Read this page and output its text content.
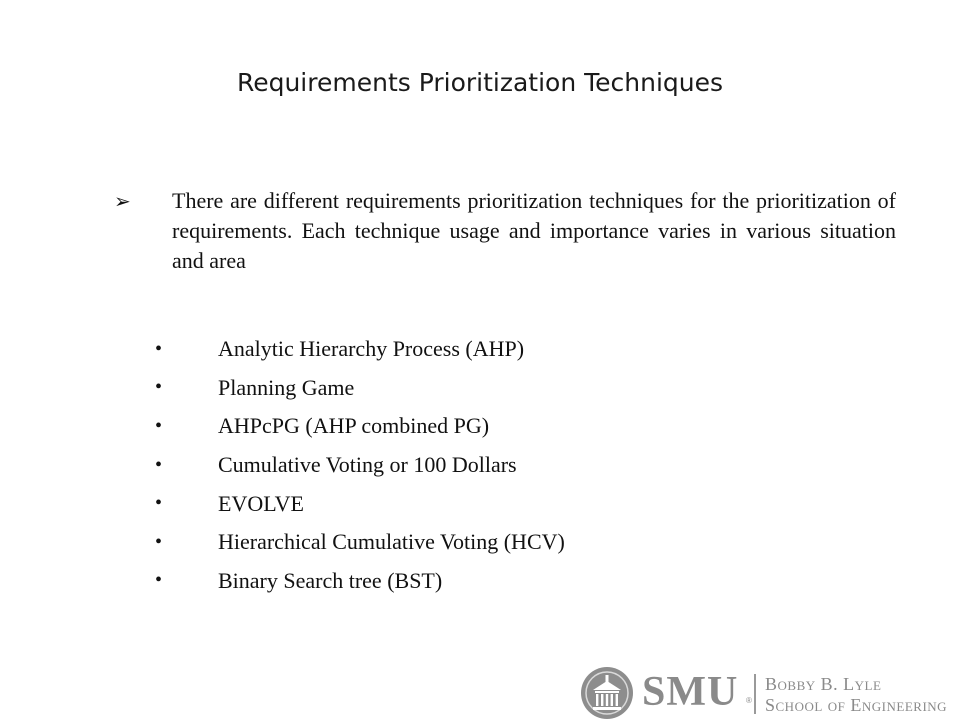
Requirements Prioritization Techniques
➢	There are different requirements prioritization techniques for the prioritization of requirements. Each technique usage and importance varies in various situation and area
•	Analytic Hierarchy Process (AHP)
•	Planning Game
•	AHPcPG (AHP combined PG)
•	Cumulative Voting or 100 Dollars
•	EVOLVE
•	Hierarchical Cumulative Voting (HCV)
•	Binary Search tree (BST)
SMU ®
Bobby B. Lyle
School of Engineering
